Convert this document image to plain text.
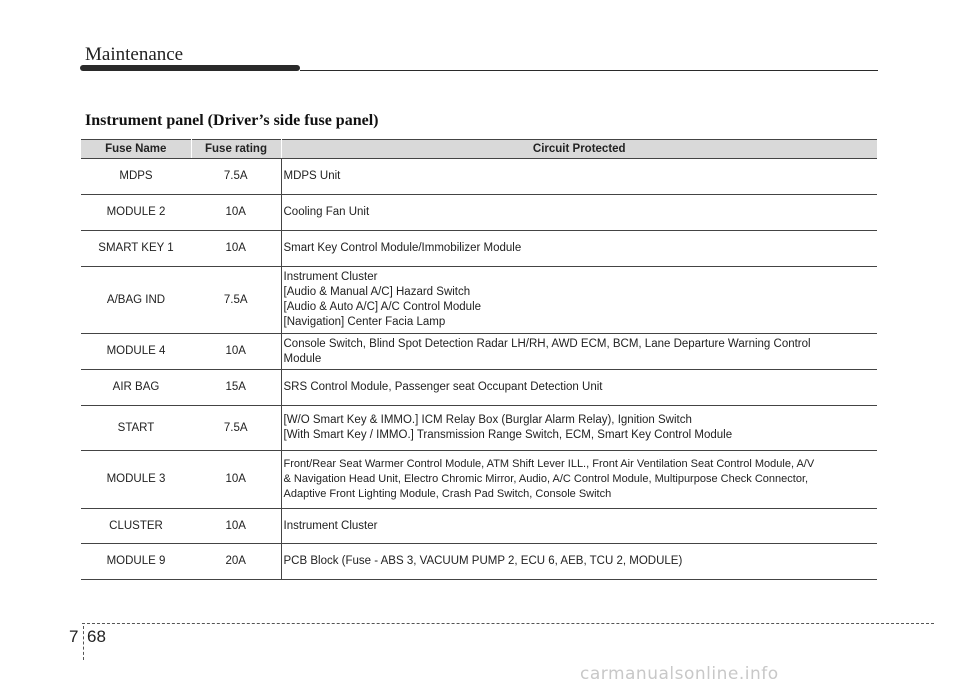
Maintenance
Instrument panel (Driver’s side fuse panel)
Fuse Name	Fuse rating	Circuit Protected
MDPS	7.5A	MDPS Unit

MODULE 2	10A	Cooling Fan Unit

SMART KEY 1	10A	Smart Key Control Module/Immobilizer Module

A/BAG IND	7.5A	Instrument Cluster
[Audio & Manual A/C] Hazard Switch
[Audio & Auto A/C] A/C Control Module
[Navigation] Center Facia Lamp

MODULE 4	10A	Console Switch, Blind Spot Detection Radar LH/RH, AWD ECM, BCM, Lane Departure Warning Control
Module

AIR BAG	15A	SRS Control Module, Passenger seat Occupant Detection Unit

START	7.5A	[W/O Smart Key & IMMO.] ICM Relay Box (Burglar Alarm Relay), Ignition Switch
[With Smart Key / IMMO.] Transmission Range Switch, ECM, Smart Key Control Module

MODULE 3	10A	Front/Rear Seat Warmer Control Module, ATM Shift Lever ILL., Front Air Ventilation Seat Control Module, A/V
& Navigation Head Unit, Electro Chromic Mirror, Audio, A/C Control Module, Multipurpose Check Connector,
Adaptive Front Lighting Module, Crash Pad Switch, Console Switch

CLUSTER	10A	Instrument Cluster

MODULE 9	20A	PCB Block (Fuse - ABS 3, VACUUM PUMP 2, ECU 6, AEB, TCU 2, MODULE)
7 68
carmanualsonline.info
